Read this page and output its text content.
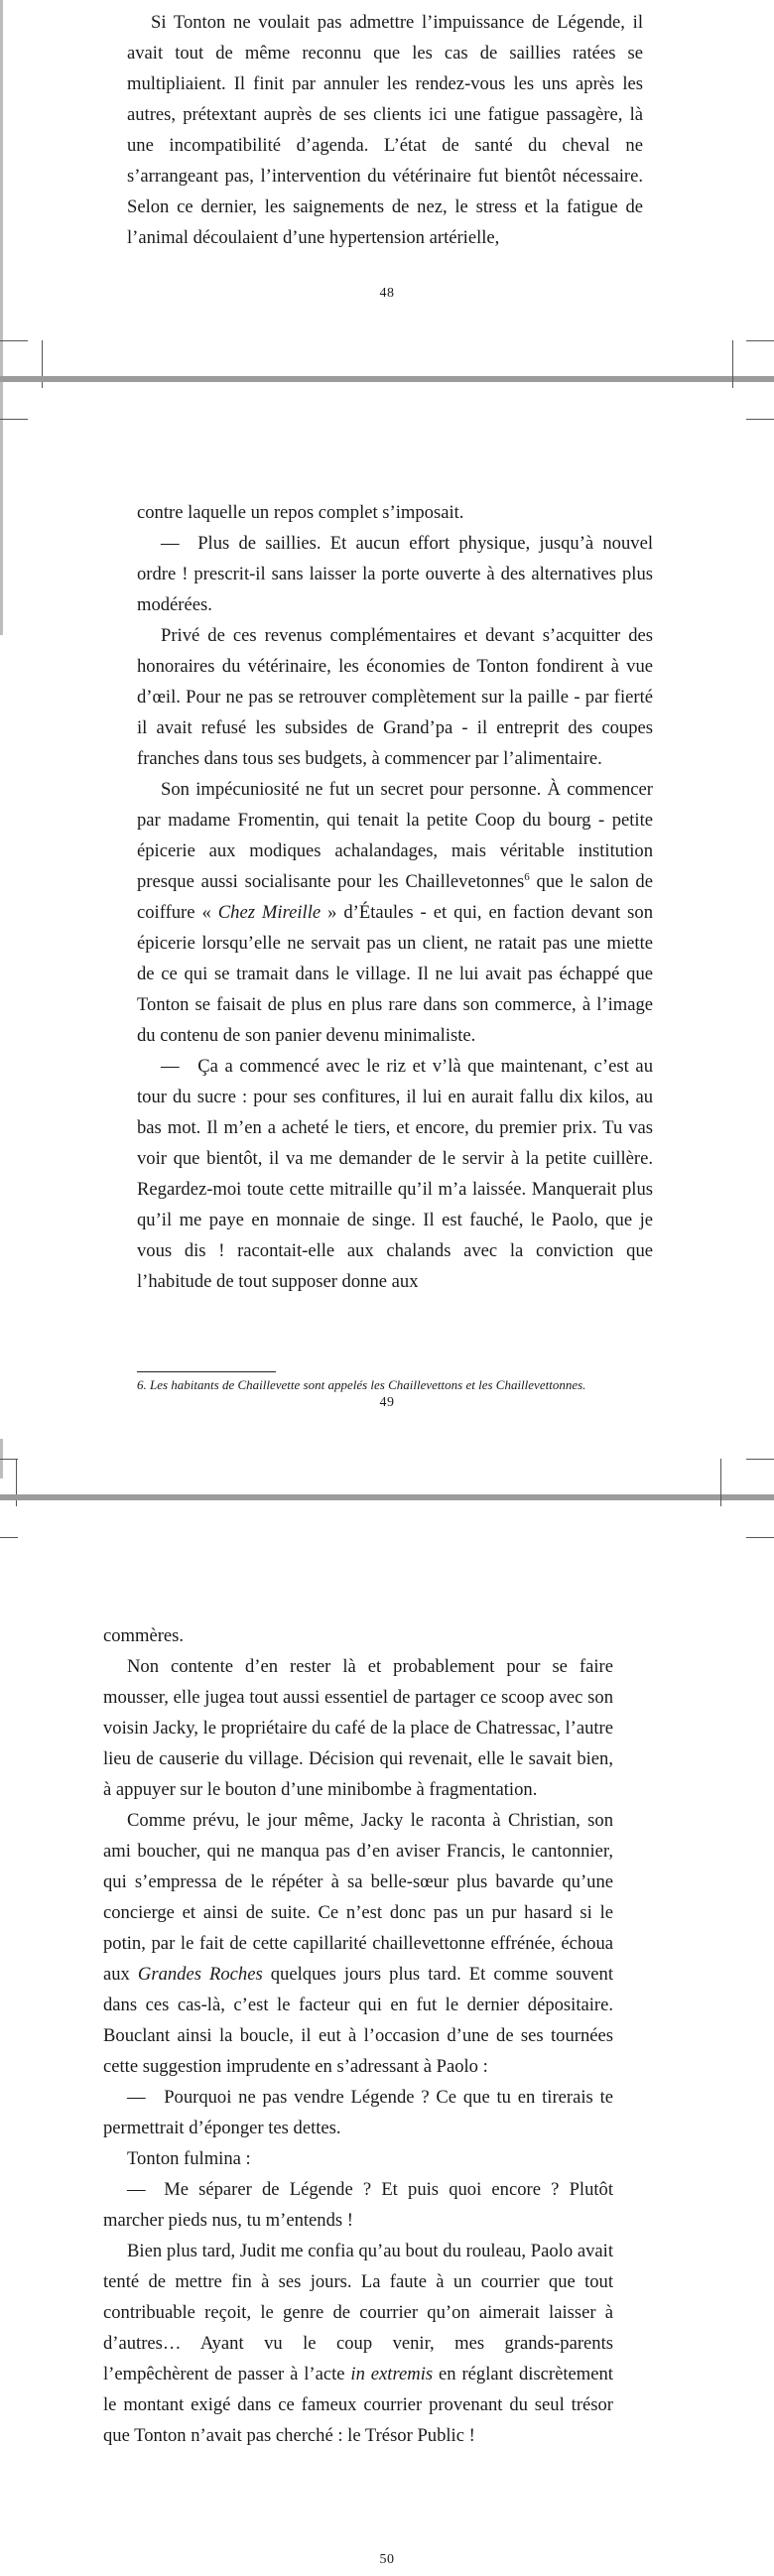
Si Tonton ne voulait pas admettre l’impuissance de Légende, il avait tout de même reconnu que les cas de saillies ratées se multipliaient. Il finit par annuler les rendez-vous les uns après les autres, prétextant auprès de ses clients ici une fatigue passagère, là une incompatibilité d’agenda. L’état de santé du cheval ne s’arrangeant pas, l’intervention du vétérinaire fut bientôt nécessaire. Selon ce dernier, les saignements de nez, le stress et la fatigue de l’animal découlaient d’une hypertension artérielle,

48

contre laquelle un repos complet s’imposait.

— Plus de saillies. Et aucun effort physique, jusqu’à nouvel ordre ! prescrit-il sans laisser la porte ouverte à des alternatives plus modérées.

Privé de ces revenus complémentaires et devant s’acquitter des honoraires du vétérinaire, les économies de Tonton fondirent à vue d’œil. Pour ne pas se retrouver complètement sur la paille - par fierté il avait refusé les subsides de Grand’pa - il entreprit des coupes franches dans tous ses budgets, à commencer par l’alimentaire.

Son impécuniosité ne fut un secret pour personne. À commencer par madame Fromentin, qui tenait la petite Coop du bourg - petite épicerie aux modiques achalandages, mais véritable institution presque aussi socialisante pour les Chaillevetonnes$^6$ que le salon de coiffure « Chez Mireille » d’Étaules - et qui, en faction devant son épicerie lorsqu’elle ne servait pas un client, ne ratait pas une miette de ce qui se tramait dans le village. Il ne lui avait pas échappé que Tonton se faisait de plus en plus rare dans son commerce, à l’image du contenu de son panier devenu minimaliste.

— Ça a commencé avec le riz et v’là que maintenant, c’est au tour du sucre : pour ses confitures, il lui en aurait fallu dix kilos, au bas mot. Il m’en a acheté le tiers, et encore, du premier prix. Tu vas voir que bientôt, il va me demander de le servir à la petite cuillère. Regardez-moi toute cette mitraille qu’il m’a laissée. Manquerait plus qu’il me paye en monnaie de singe. Il est fauché, le Paolo, que je vous dis ! racontait-elle aux chalands avec la conviction que l’habitude de tout supposer donne aux

6. Les habitants de Chaillevette sont appelés les Chaillevettons et les Chaillevettonnes.
49

commères.

Non contente d’en rester là et probablement pour se faire mousser, elle jugea tout aussi essentiel de partager ce scoop avec son voisin Jacky, le propriétaire du café de la place de Chatressac, l’autre lieu de causerie du village. Décision qui revenait, elle le savait bien, à appuyer sur le bouton d’une minibombe à fragmentation.

Comme prévu, le jour même, Jacky le raconta à Christian, son ami boucher, qui ne manqua pas d’en aviser Francis, le cantonnier, qui s’empressa de le répéter à sa belle-sœur plus bavarde qu’une concierge et ainsi de suite. Ce n’est donc pas un pur hasard si le potin, par le fait de cette capillarité chaillevettonne effrénée, échoua aux Grandes Roches quelques jours plus tard. Et comme souvent dans ces cas-là, c’est le facteur qui en fut le dernier dépositaire. Bouclant ainsi la boucle, il eut à l’occasion d’une de ses tournées cette suggestion imprudente en s’adressant à Paolo :

— Pourquoi ne pas vendre Légende ? Ce que tu en tirerais te permettrait d’éponger tes dettes.

Tonton fulmina :

— Me séparer de Légende ? Et puis quoi encore ? Plutôt marcher pieds nus, tu m’entends !

Bien plus tard, Judit me confia qu’au bout du rouleau, Paolo avait tenté de mettre fin à ses jours. La faute à un courrier que tout contribuable reçoit, le genre de courrier qu’on aimerait laisser à d’autres… Ayant vu le coup venir, mes grands-parents l’empêchèrent de passer à l’acte in extremis en réglant discrètement le montant exigé dans ce fameux courrier provenant du seul trésor que Tonton n’avait pas cherché : le Trésor Public !

50
